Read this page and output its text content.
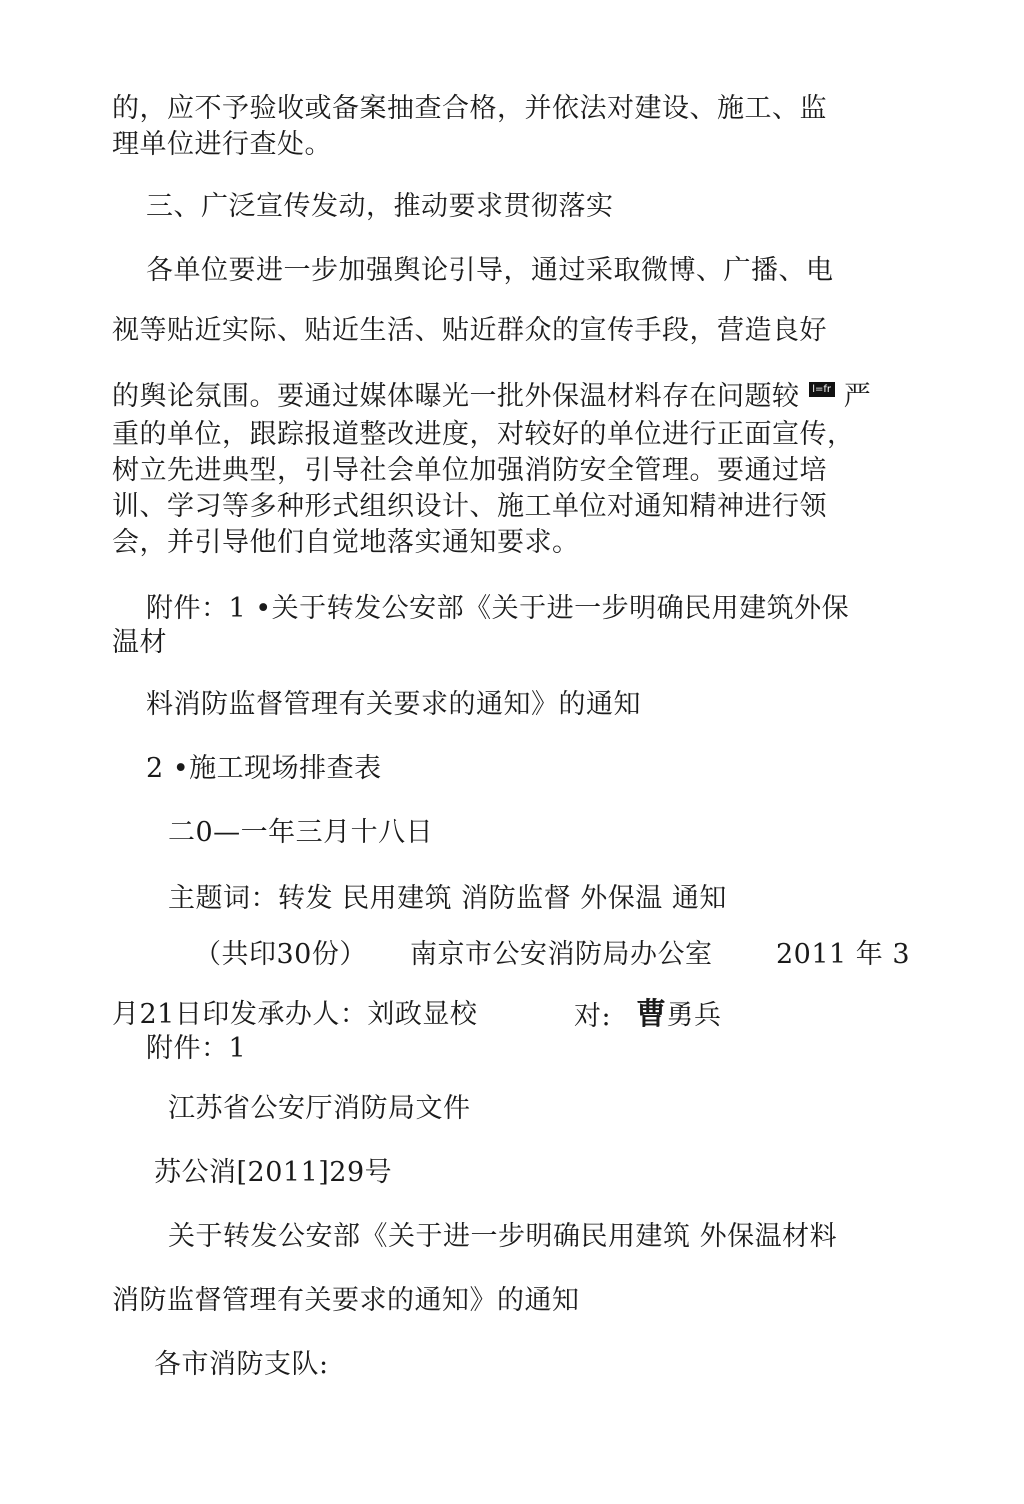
的，应不予验收或备案抽查合格，并依法对建设、施工、监
理单位进行查处。
三、广泛宣传发动，推动要求贯彻落实
各单位要进一步加强舆论引导，通过采取微博、广播、电
视等贴近实际、贴近生活、贴近群众的宣传手段，营造良好
的舆论氛围。要通过媒体曝光一批外保温材料存在问题较 l=fr 严
重的单位，跟踪报道整改进度，对较好的单位进行正面宣传，
树立先进典型，引导社会单位加强消防安全管理。要通过培
训、学习等多种形式组织设计、施工单位对通知精神进行领
会，并引导他们自觉地落实通知要求。
附件：1 •关于转发公安部《关于进一步明确民用建筑外保
温材
料消防监督管理有关要求的通知》的通知
2 •施工现场排查表
二0—一年三月十八日
主题词：转发 民用建筑 消防监督 外保温 通知
（共印30份） 南京市公安消防局办公室 2011 年 3
月21日印发承办人：刘政显校	对: 曹勇兵
附件：1
江苏省公安厅消防局文件
苏公消[2011]29号
关于转发公安部《关于进一步明确民用建筑 外保温材料
消防监督管理有关要求的通知》的通知
各市消防支队:
